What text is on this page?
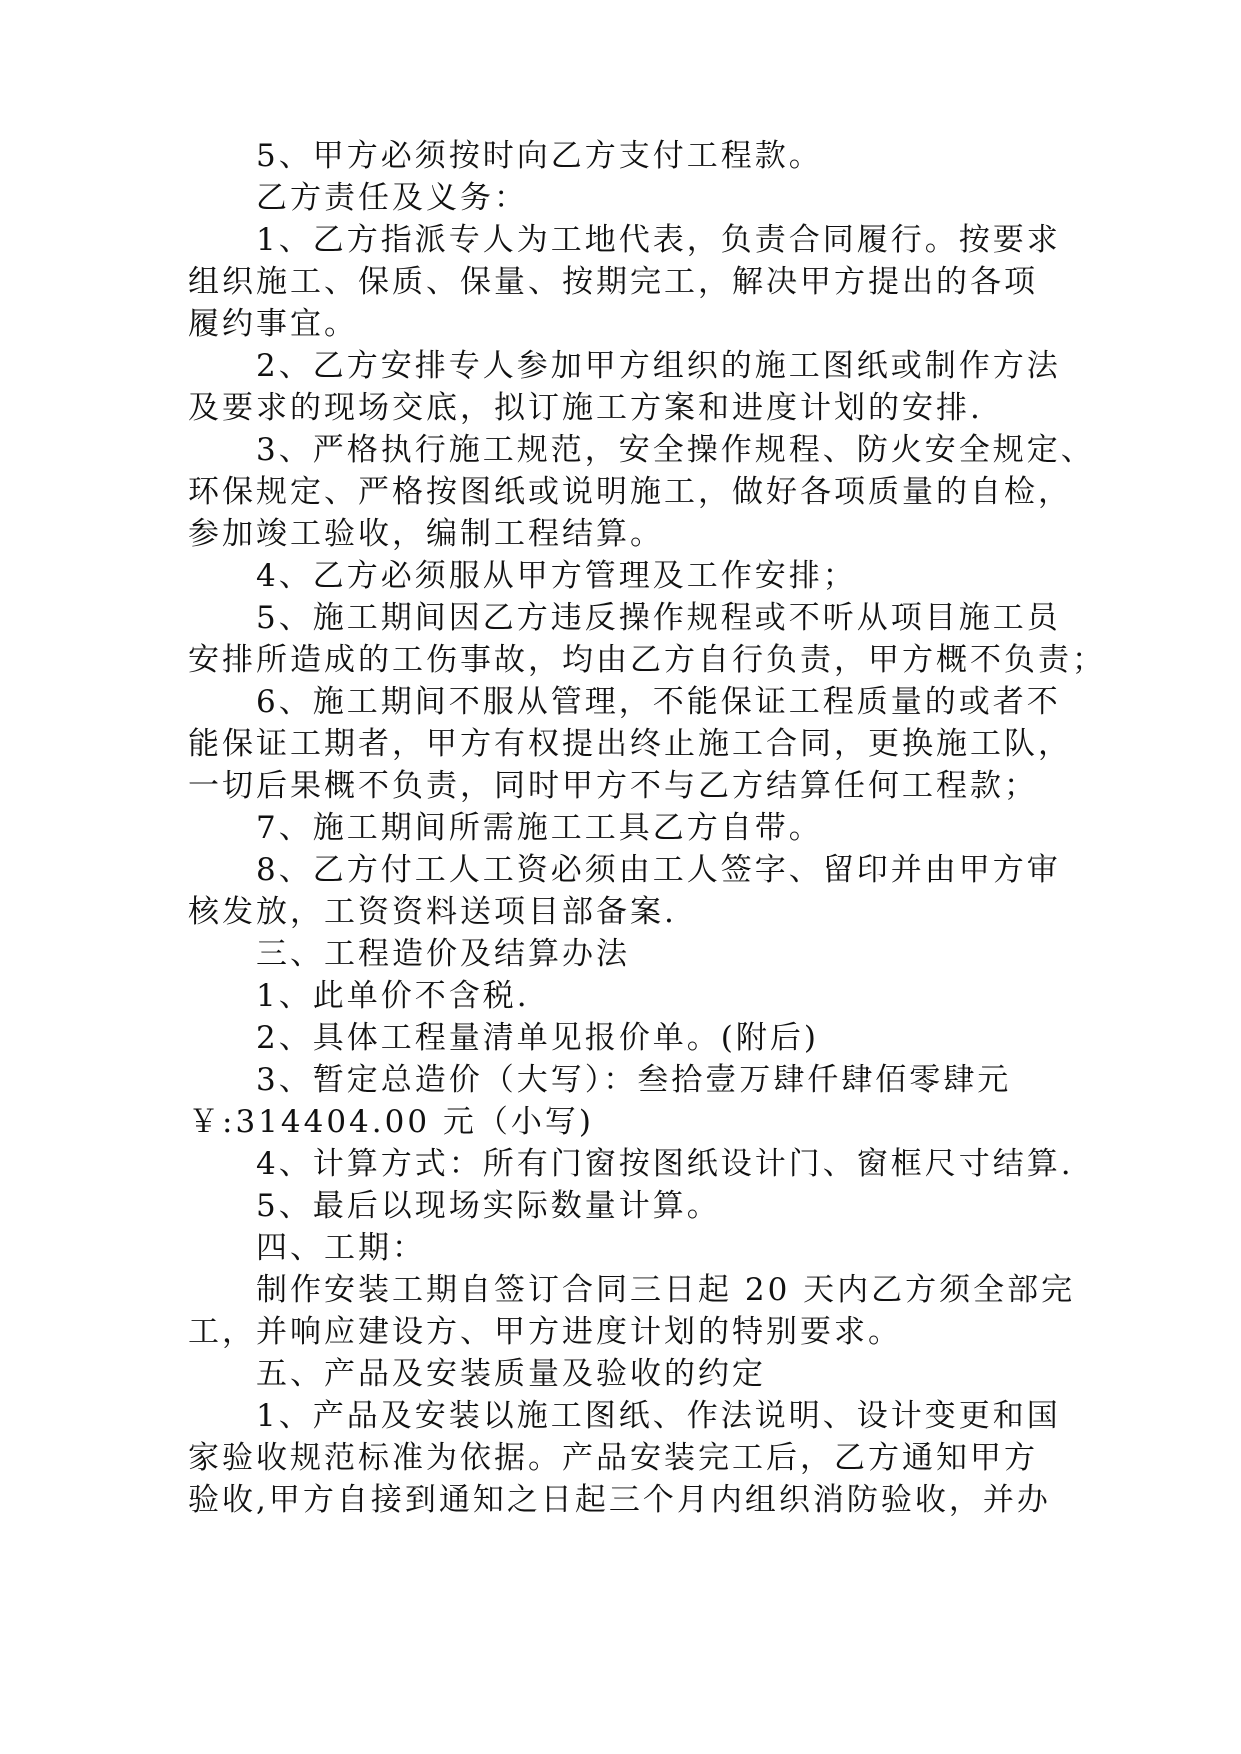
5、甲方必须按时向乙方支付工程款。
乙方责任及义务：
1、乙方指派专人为工地代表，负责合同履行。按要求
组织施工、保质、保量、按期完工，解决甲方提出的各项
履约事宜。
2、乙方安排专人参加甲方组织的施工图纸或制作方法
及要求的现场交底，拟订施工方案和进度计划的安排.
3、严格执行施工规范，安全操作规程、防火安全规定、
环保规定、严格按图纸或说明施工，做好各项质量的自检，
参加竣工验收，编制工程结算。
4、乙方必须服从甲方管理及工作安排；
5、施工期间因乙方违反操作规程或不听从项目施工员
安排所造成的工伤事故，均由乙方自行负责，甲方概不负责；
6、施工期间不服从管理，不能保证工程质量的或者不
能保证工期者，甲方有权提出终止施工合同，更换施工队，
一切后果概不负责，同时甲方不与乙方结算任何工程款；
7、施工期间所需施工工具乙方自带。
8、乙方付工人工资必须由工人签字、留印并由甲方审
核发放，工资资料送项目部备案.
三、工程造价及结算办法
1、此单价不含税.
2、具体工程量清单见报价单。(附后)
3、暂定总造价（大写）：叁拾壹万肆仟肆佰零肆元
￥:314404.00 元（小写)
4、计算方式：所有门窗按图纸设计门、窗框尺寸结算.
5、最后以现场实际数量计算。
四、工期：
制作安装工期自签订合同三日起 20 天内乙方须全部完
工，并响应建设方、甲方进度计划的特别要求。
五、产品及安装质量及验收的约定
1、产品及安装以施工图纸、作法说明、设计变更和国
家验收规范标准为依据。产品安装完工后，乙方通知甲方
验收,甲方自接到通知之日起三个月内组织消防验收，并办
